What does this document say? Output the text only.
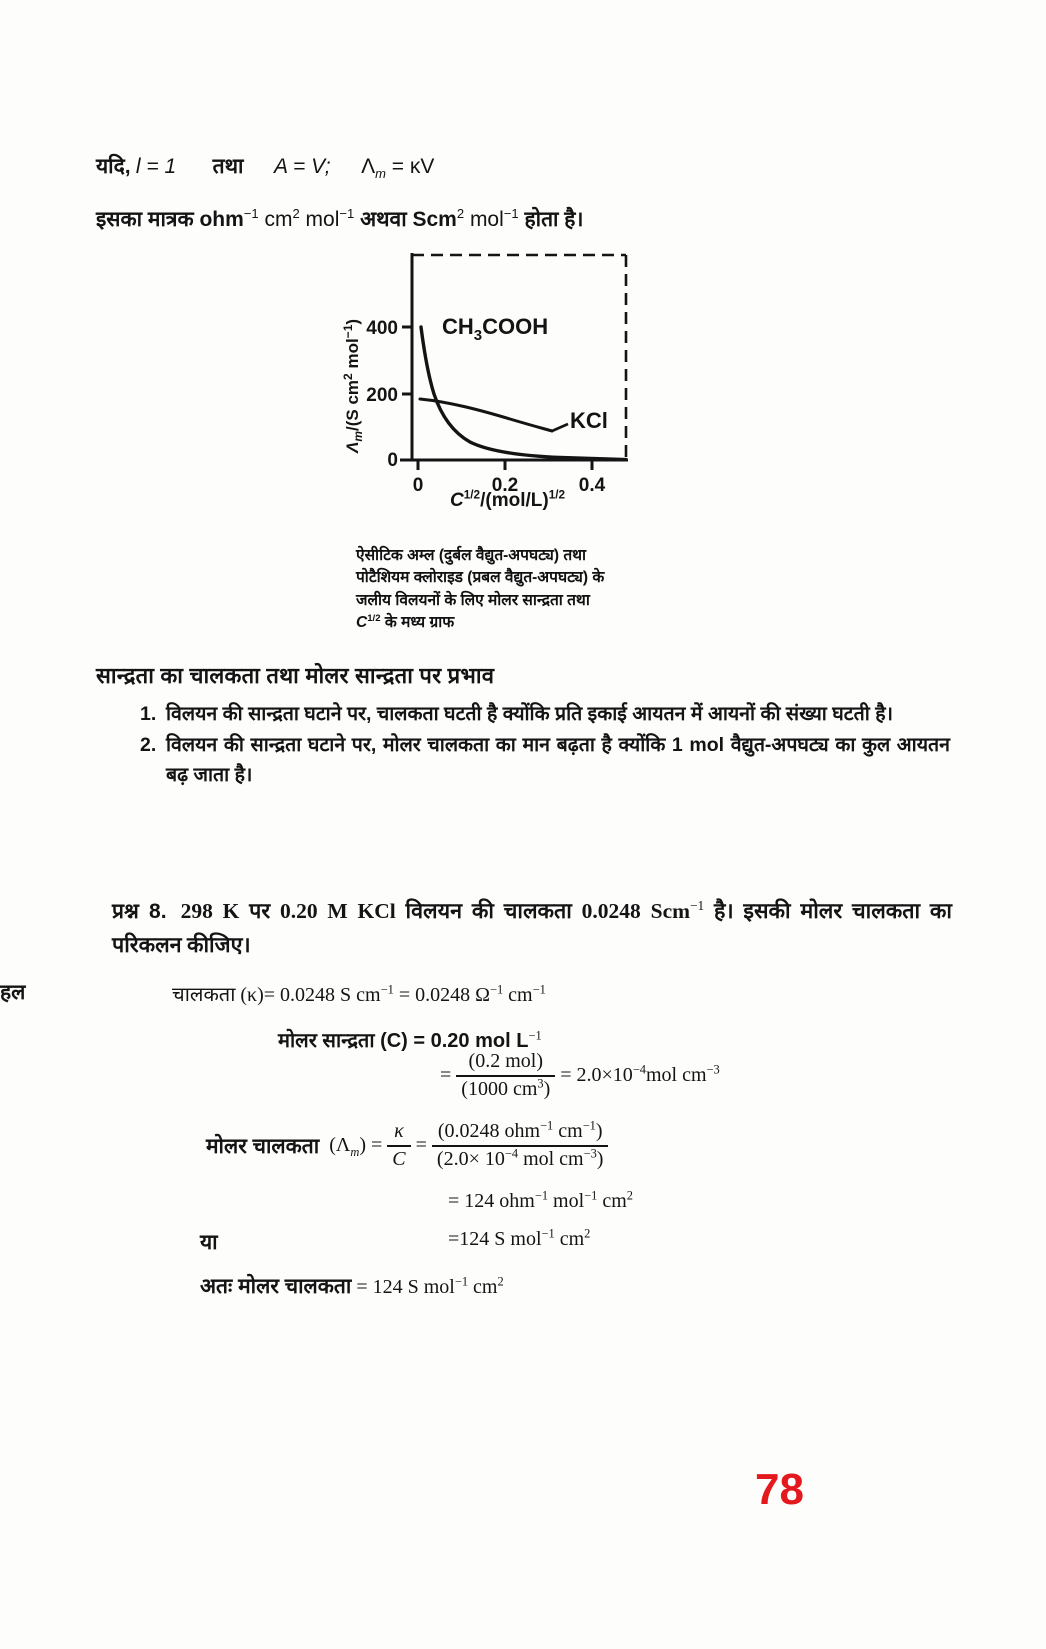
यदि, l = 1 तथा A = V; $\Lambda_m = \kappa V$
इसका मात्रक ohm$^{-1}$ $cm^2$ mol$^{-1}$ अथवा Scm$^2$ mol$^{-1}$ होता है।
0
200
400
0	0.2	0.4
$\Lambda_m/(S$ $cm^2$ mol$^{-1}$)	$CH_3COOH$
KCl
$C^{1/2}/(mol/L)^{1/2}$
ऐसीटिक अम्ल (दुर्बल वैद्युत-अपघट्य) तथा
पोटैशियम क्लोराइड (प्रबल वैद्युत-अपघट्य) के
जलीय विलयनों के लिए मोलर सान्द्रता तथा
$C^{1/2}$ के मध्य ग्राफ
सान्द्रता का चालकता तथा मोलर सान्द्रता पर प्रभाव
1. विलयन की सान्द्रता घटाने पर, चालकता घटती है क्योंकि प्रति इकाई आयतन में आयनों की संख्या घटती है।
2. विलयन की सान्द्रता घटाने पर, मोलर चालकता का मान बढ़ता है क्योंकि 1 mol वैद्युत-अपघट्य का कुल आयतन बढ़ जाता है।
प्रश्न 8. 298 K पर 0.20 M KCl विलयन की चालकता 0.0248 Scm$^{-1}$ है। इसकी मोलर चालकता का परिकलन कीजिए।
हल	चालकता (κ)= 0.0248 S $cm^{-1} = 0.0248$ $\Omega^{-1}$ $cm^{-1}$
मोलर सान्द्रता (C) = 0.20 mol $L^{-1}$
= $\frac{\text{(0.2 mol)}}{(1000 cm^3)} = 2.0\times 10^{-4}mol$ $cm^{-3}$
मोलर चालकता $(\Lambda_m) = \frac{\kappa}{C} = \frac{(0.0248 ohm^{-1} cm^{-1})}{(2.0\times 10^{-4} mol cm^{-3})}$
= 124 ohm$^{-1}$ mol$^{-1}$ $cm^2$
या	=124 S mol$^{-1}$ $cm^2$
अतः मोलर चालकता = 124 S mol$^{-1}$ $cm^2$
78
